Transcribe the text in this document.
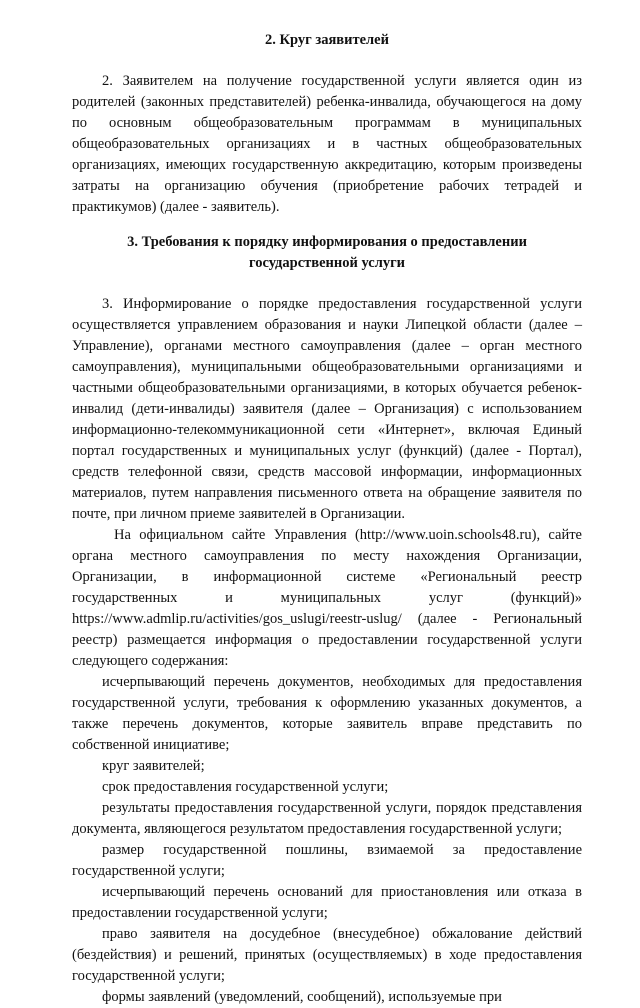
2. Круг заявителей

2. Заявителем на получение государственной услуги является один из родителей (законных представителей) ребенка-инвалида, обучающегося на дому по основным общеобразовательным программам в муниципальных общеобразовательных организациях и в частных общеобразовательных организациях, имеющих государственную аккредитацию, которым произведены затраты на организацию обучения (приобретение рабочих тетрадей и практикумов) (далее - заявитель).

3. Требования к порядку информирования о предоставлении государственной услуги

3. Информирование о порядке предоставления государственной услуги осуществляется управлением образования и науки Липецкой области (далее – Управление), органами местного самоуправления (далее – орган местного самоуправления), муниципальными общеобразовательными организациями и частными общеобразовательными организациями, в которых обучается ребенок-инвалид (дети-инвалиды) заявителя (далее – Организация) с использованием информационно-телекоммуникационной сети «Интернет», включая Единый портал государственных и муниципальных услуг (функций) (далее - Портал), средств телефонной связи, средств массовой информации, информационных материалов, путем направления письменного ответа на обращение заявителя по почте, при личном приеме заявителей в Организации.

На официальном сайте Управления (http://www.uoin.schools48.ru), сайте органа местного самоуправления по месту нахождения Организации, Организации, в информационной системе «Региональный реестр государственных и муниципальных услуг (функций)» https://www.admlip.ru/activities/gos_uslugi/reestr-uslug/ (далее - Региональный реестр) размещается информация о предоставлении государственной услуги следующего содержания:

исчерпывающий перечень документов, необходимых для предоставления государственной услуги, требования к оформлению указанных документов, а также перечень документов, которые заявитель вправе представить по собственной инициативе;

круг заявителей;

срок предоставления государственной услуги;

результаты предоставления государственной услуги, порядок представления документа, являющегося результатом предоставления государственной услуги;

размер государственной пошлины, взимаемой за предоставление государственной услуги;

исчерпывающий перечень оснований для приостановления или отказа в предоставлении государственной услуги;

право заявителя на досудебное (внесудебное) обжалование действий (бездействия) и решений, принятых (осуществляемых) в ходе предоставления государственной услуги;

формы заявлений (уведомлений, сообщений), используемые при
